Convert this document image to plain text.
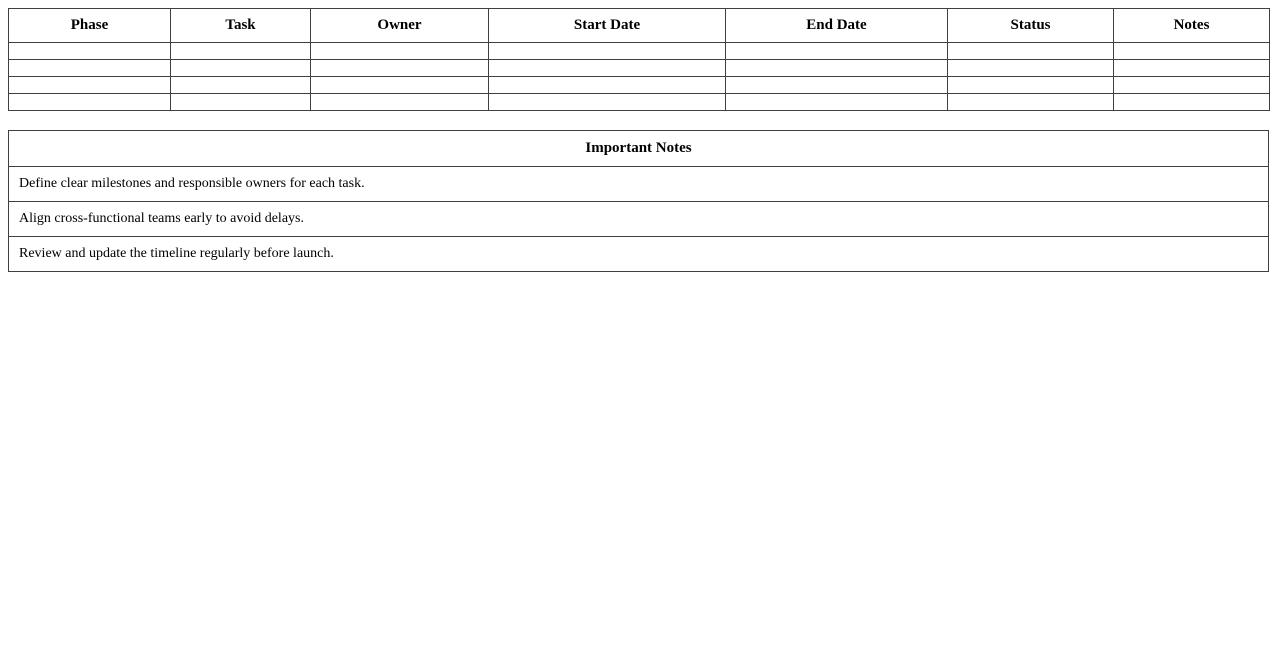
Phase	Task	Owner	Start Date	End Date	Status	Notes

Important Notes
Define clear milestones and responsible owners for each task.
Align cross-functional teams early to avoid delays.
Review and update the timeline regularly before launch.
